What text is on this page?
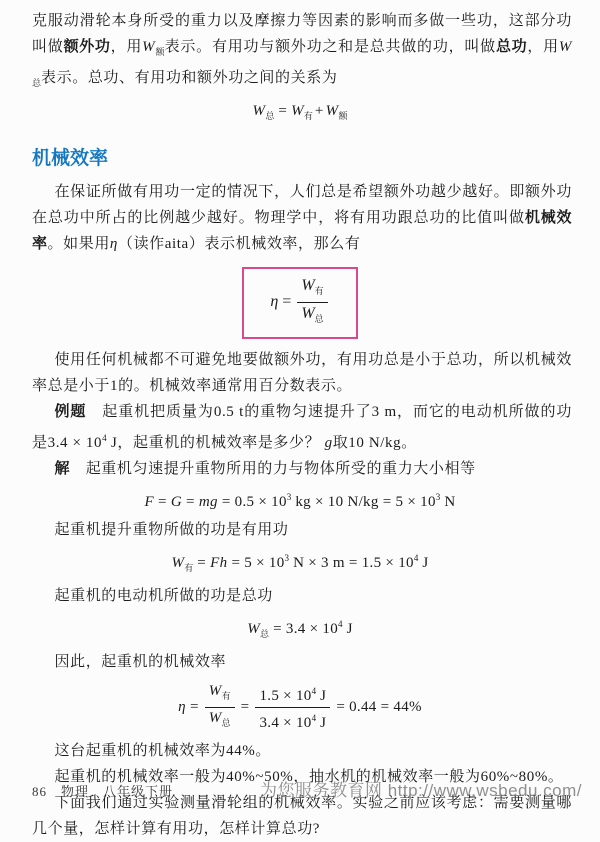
克服动滑轮本身所受的重力以及摩擦力等因素的影响而多做一些功，这部分功叫做额外功，用$W_额$表示。有用功与额外功之和是总共做的功，叫做总功，用$W_总$表示。总功、有用功和额外功之间的关系为

$W_总 = W_有 + W_额$
机械效率

在保证所做有用功一定的情况下，人们总是希望额外功越少越好。即额外功在总功中所占的比例越少越好。物理学中，将有用功跟总功的比值叫做机械效率。如果用η（读作aita）表示机械效率，那么有

$\eta = \frac{W_有}{W_总}$

使用任何机械都不可避免地要做额外功，有用功总是小于总功，所以机械效率总是小于1的。机械效率通常用百分数表示。

例题　起重机把质量为0.5 t的重物匀速提升了3 m，而它的电动机所做的功是$3.4 \times 10^4$ J，起重机的机械效率是多少？ g取10 N/kg。

解　起重机匀速提升重物所用的力与物体所受的重力大小相等

F = G = mg = $0.5 \times 10^3$ kg × 10 $N/kg = 5 \times 10^3$ N

起重机提升重物所做的功是有用功

$W_有 = Fh = 5 \times 10^3$ N × 3 $m = 1.5 \times 10^4$ J

起重机的电动机所做的功是总功

$W_总 = 3.4 \times 10^4$ J

因此，起重机的机械效率

$\eta = \frac{W_有}{W_总} = \frac{1.5 \times 10^4 J}{3.4 \times 10^4 J} = 0.44 = 44\%$

这台起重机的机械效率为44%。

起重机的机械效率一般为40%~50%，抽水机的机械效率一般为60%~80%。

下面我们通过实验测量滑轮组的机械效率。实验之前应该考虑：需要测量哪几个量，怎样计算有用功，怎样计算总功?

86 物理 八年级下册	为您服务教育网 http://www.wsbedu.com/
